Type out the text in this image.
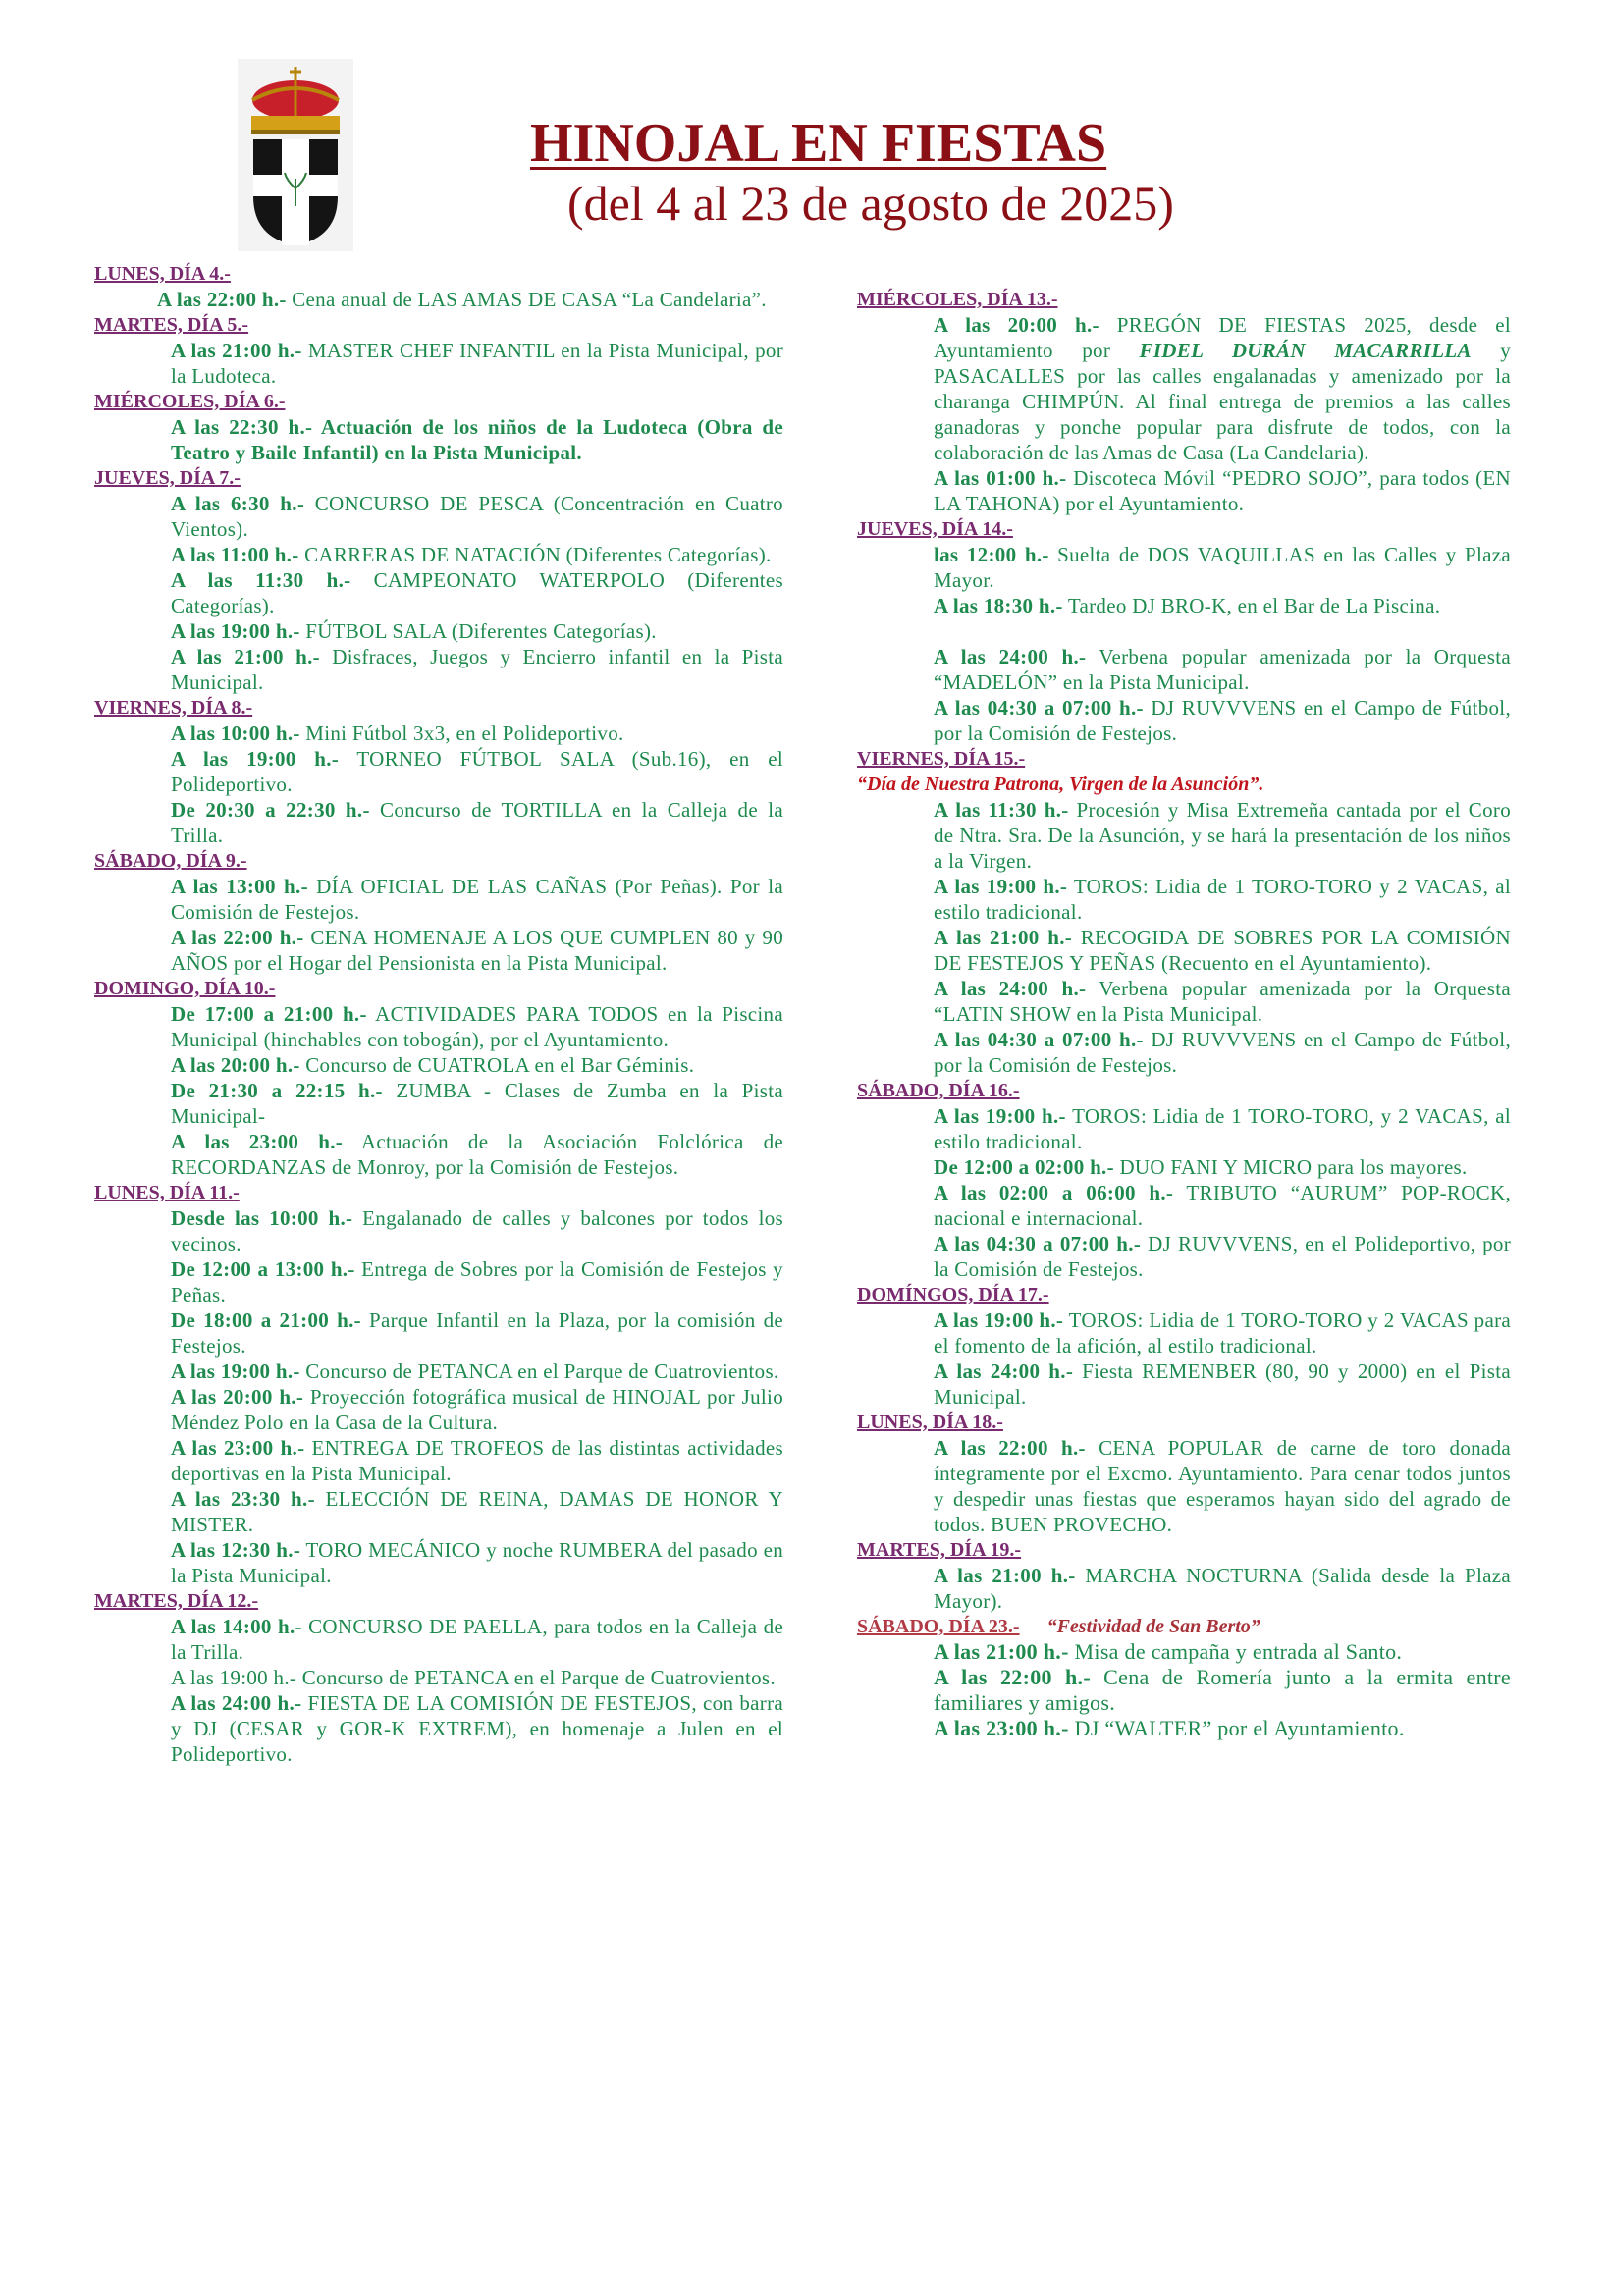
HINOJAL EN FIESTAS
(del 4 al 23 de agosto de 2025)
LUNES, DÍA 4.-
A las 22:00 h.- Cena anual de LAS AMAS DE CASA “La Candelaria”.
MARTES, DÍA 5.-
A las 21:00 h.- MASTER CHEF INFANTIL en la Pista Municipal, por la Ludoteca.
MIÉRCOLES, DÍA 6.-
A las 22:30 h.- Actuación de los niños de la Ludoteca (Obra de Teatro y Baile Infantil) en la Pista Municipal.
JUEVES, DÍA 7.-
A las 6:30 h.- CONCURSO DE PESCA (Concentración en Cuatro Vientos).
A las 11:00 h.- CARRERAS DE NATACIÓN (Diferentes Categorías).
A las 11:30 h.- CAMPEONATO WATERPOLO (Diferentes Categorías).
A las 19:00 h.- FÚTBOL SALA (Diferentes Categorías).
A las 21:00 h.- Disfraces, Juegos y Encierro infantil en la Pista Municipal.
VIERNES, DÍA 8.-
A las 10:00 h.- Mini Fútbol 3x3, en el Polideportivo.
A las 19:00 h.- TORNEO FÚTBOL SALA (Sub.16), en el Polideportivo.
De 20:30 a 22:30 h.- Concurso de TORTILLA en la Calleja de la Trilla.
SÁBADO, DÍA 9.-
A las 13:00 h.- DÍA OFICIAL DE LAS CAÑAS (Por Peñas). Por la Comisión de Festejos.
A las 22:00 h.- CENA HOMENAJE A LOS QUE CUMPLEN 80 y 90 AÑOS por el Hogar del Pensionista en la Pista Municipal.
DOMINGO, DÍA 10.-
De 17:00 a 21:00 h.- ACTIVIDADES PARA TODOS en la Piscina Municipal (hinchables con tobogán), por el Ayuntamiento.
A las 20:00 h.- Concurso de CUATROLA en el Bar Géminis.
De 21:30 a 22:15 h.- ZUMBA - Clases de Zumba en la Pista Municipal-
A las 23:00 h.- Actuación de la Asociación Folclórica de RECORDANZAS de Monroy, por la Comisión de Festejos.
LUNES, DÍA 11.-
Desde las 10:00 h.- Engalanado de calles y balcones por todos los vecinos.
De 12:00 a 13:00 h.- Entrega de Sobres por la Comisión de Festejos y Peñas.
De 18:00 a 21:00 h.- Parque Infantil en la Plaza, por la comisión de Festejos.
A las 19:00 h.- Concurso de PETANCA en el Parque de Cuatrovientos.
A las 20:00 h.- Proyección fotográfica musical de HINOJAL por Julio Méndez Polo en la Casa de la Cultura.
A las 23:00 h.- ENTREGA DE TROFEOS de las distintas actividades deportivas en la Pista Municipal.
A las 23:30 h.- ELECCIÓN DE REINA, DAMAS DE HONOR Y MISTER.
A las 12:30 h.- TORO MECÁNICO y noche RUMBERA del pasado en la Pista Municipal.
MARTES, DÍA 12.-
A las 14:00 h.- CONCURSO DE PAELLA, para todos en la Calleja de la Trilla.
A las 19:00 h.- Concurso de PETANCA en el Parque de Cuatrovientos.
A las 24:00 h.- FIESTA DE LA COMISIÓN DE FESTEJOS, con barra y DJ (CESAR y GOR-K EXTREM), en homenaje a Julen en el Polideportivo.
MIÉRCOLES, DÍA 13.-
A las 20:00 h.- PREGÓN DE FIESTAS 2025, desde el Ayuntamiento por FIDEL DURÁN MACARRILLA y PASACALLES por las calles engalanadas y amenizado por la charanga CHIMPÚN. Al final entrega de premios a las calles ganadoras y ponche popular para disfrute de todos, con la colaboración de las Amas de Casa (La Candelaria).
A las 01:00 h.- Discoteca Móvil “PEDRO SOJO”, para todos (EN LA TAHONA) por el Ayuntamiento.
JUEVES, DÍA 14.-
las 12:00 h.- Suelta de DOS VAQUILLAS en las Calles y Plaza Mayor.
A las 18:30 h.- Tardeo DJ BRO-K, en el Bar de La Piscina.
A las 24:00 h.- Verbena popular amenizada por la Orquesta “MADELÓN” en la Pista Municipal.
A las 04:30 a 07:00 h.- DJ RUVVVENS en el Campo de Fútbol, por la Comisión de Festejos.
VIERNES, DÍA 15.-
“Día de Nuestra Patrona, Virgen de la Asunción”.
A las 11:30 h.- Procesión y Misa Extremeña cantada por el Coro de Ntra. Sra. De la Asunción, y se hará la presentación de los niños a la Virgen.
A las 19:00 h.- TOROS: Lidia de 1 TORO-TORO y 2 VACAS, al estilo tradicional.
A las 21:00 h.- RECOGIDA DE SOBRES POR LA COMISIÓN DE FESTEJOS Y PEÑAS (Recuento en el Ayuntamiento).
A las 24:00 h.- Verbena popular amenizada por la Orquesta “LATIN SHOW en la Pista Municipal.
A las 04:30 a 07:00 h.- DJ RUVVVENS en el Campo de Fútbol, por la Comisión de Festejos.
SÁBADO, DÍA 16.-
A las 19:00 h.- TOROS: Lidia de 1 TORO-TORO, y 2 VACAS, al estilo tradicional.
De 12:00 a 02:00 h.- DUO FANI Y MICRO para los mayores.
A las 02:00 a 06:00 h.- TRIBUTO “AURUM” POP-ROCK, nacional e internacional.
A las 04:30 a 07:00 h.- DJ RUVVVENS, en el Polideportivo, por la Comisión de Festejos.
DOMÍNGOS, DÍA 17.-
A las 19:00 h.- TOROS: Lidia de 1 TORO-TORO y 2 VACAS para el fomento de la afición, al estilo tradicional.
A las 24:00 h.- Fiesta REMENBER (80, 90 y 2000) en el Pista Municipal.
LUNES, DÍA 18.-
A las 22:00 h.- CENA POPULAR de carne de toro donada íntegramente por el Excmo. Ayuntamiento. Para cenar todos juntos y despedir unas fiestas que esperamos hayan sido del agrado de todos. BUEN PROVECHO.
MARTES, DÍA 19.-
A las 21:00 h.- MARCHA NOCTURNA (Salida desde la Plaza Mayor).
SÁBADO, DÍA 23.- “Festividad de San Berto”
A las 21:00 h.- Misa de campaña y entrada al Santo.
A las 22:00 h.- Cena de Romería junto a la ermita entre familiares y amigos.
A las 23:00 h.- DJ “WALTER” por el Ayuntamiento.
